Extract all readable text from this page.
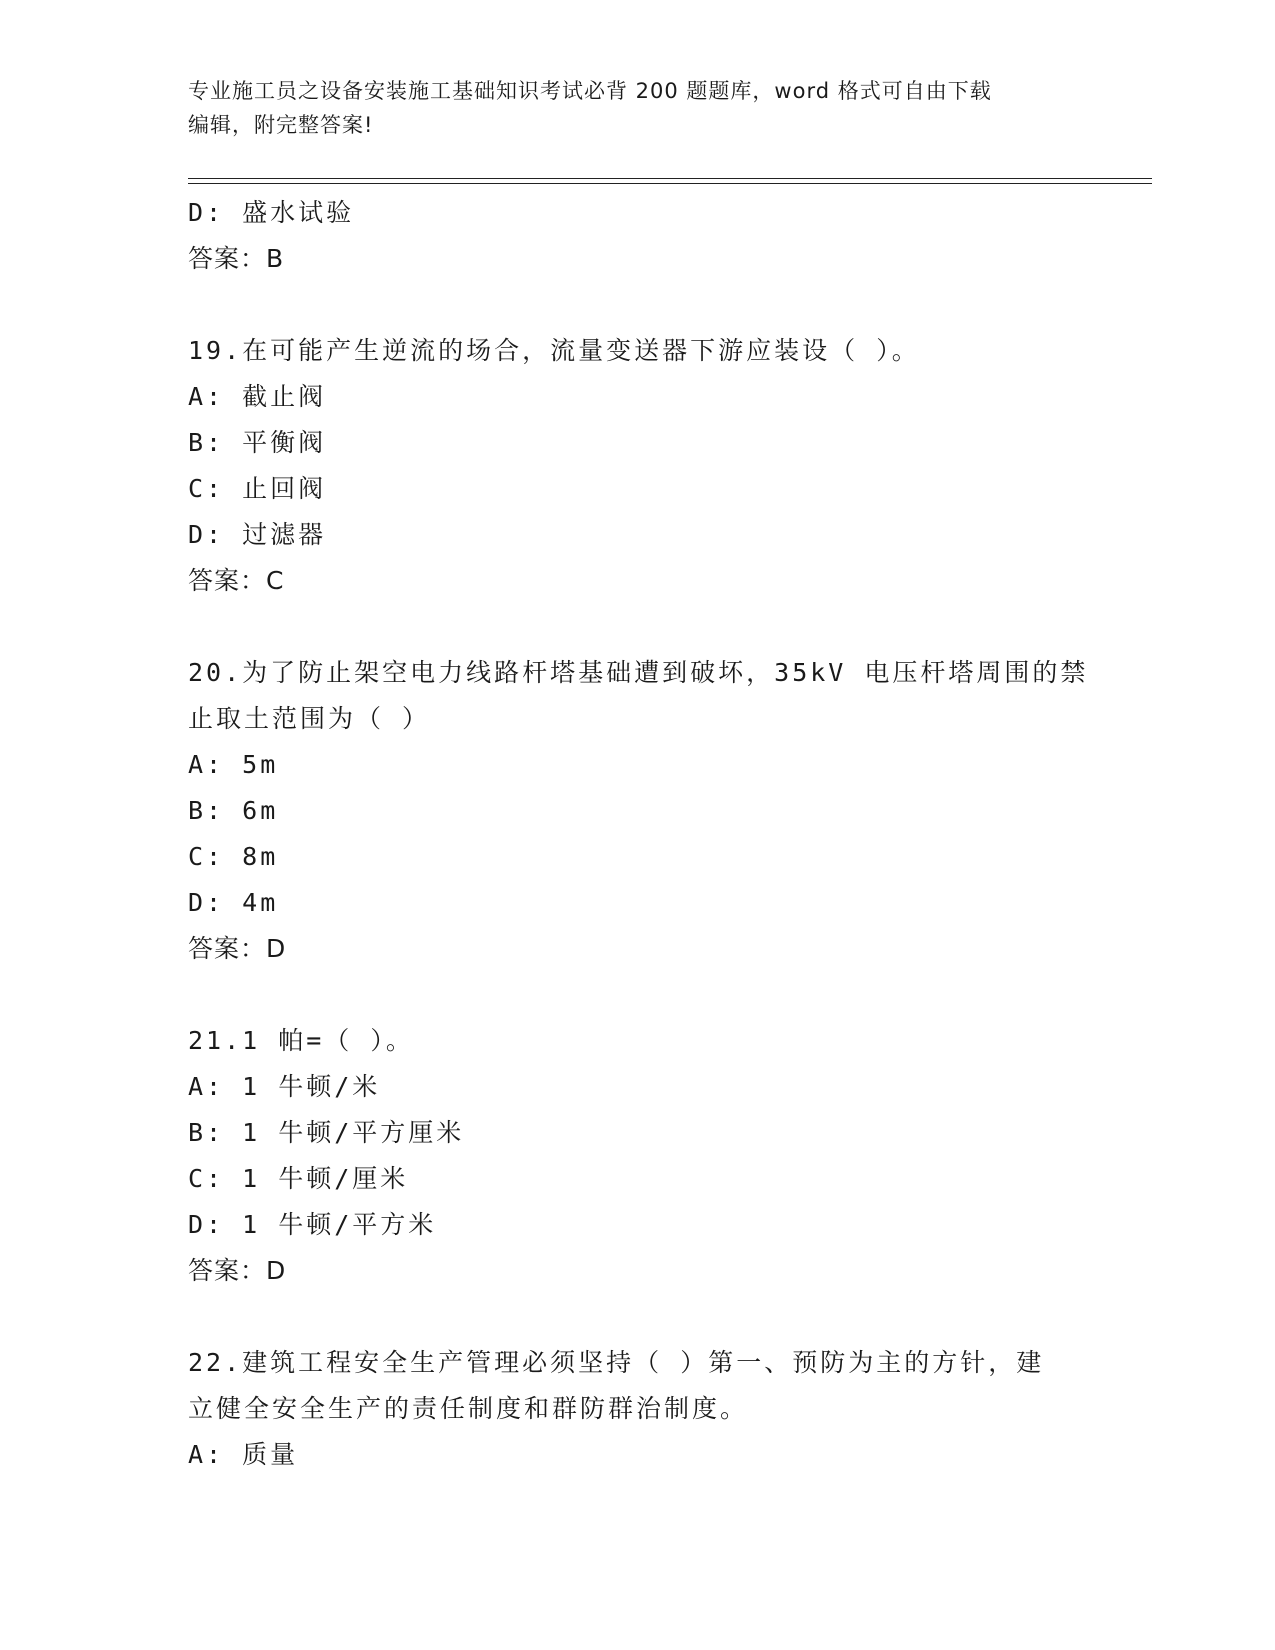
专业施工员之设备安装施工基础知识考试必背 200 题题库，word 格式可自由下载
编辑，附完整答案!
D: 盛水试验
答案：B
19.在可能产生逆流的场合，流量变送器下游应装设（ ）。
A: 截止阀
B: 平衡阀
C: 止回阀
D: 过滤器
答案：C
20.为了防止架空电力线路杆塔基础遭到破坏，35kV 电压杆塔周围的禁
止取土范围为（ ）
A: 5m
B: 6m
C: 8m
D: 4m
答案：D
21.1 帕=（ ）。
A: 1 牛顿/米
B: 1 牛顿/平方厘米
C: 1 牛顿/厘米
D: 1 牛顿/平方米
答案：D
22.建筑工程安全生产管理必须坚持（ ）第一、预防为主的方针，建
立健全安全生产的责任制度和群防群治制度。
A: 质量
